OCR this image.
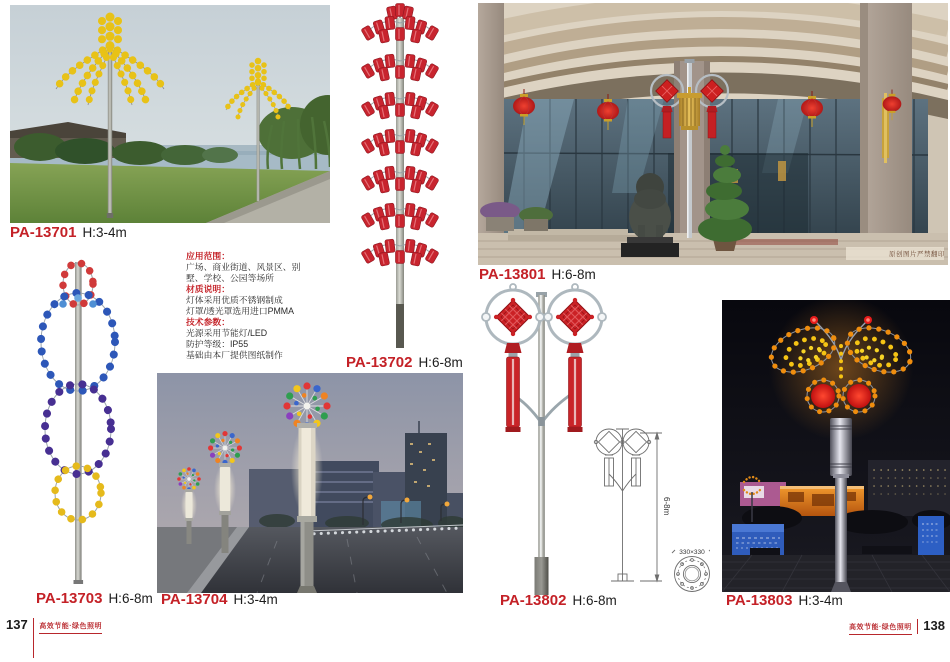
PA-13701 H:3-4m
应用范围：
广场、商业街道、风景区、别
墅、学校、公园等场所
材质说明：
灯体采用优质不锈钢制成
灯罩/透光罩选用进口PMMA
技术参数：
光源采用节能灯/LED
防护等级：IP55
基础由本厂提供图纸制作	PA-13702 H:6-8m
PA-13703 H:6-8m PA-13704 H:3-4m
原创图片严禁翻印
PA-13801 H:6-8m
6-8m
330×330
PA-13802 H:6-8m	PA-13803 H:3-4m
137 高效节能·绿色照明	高效节能·绿色照明 138
